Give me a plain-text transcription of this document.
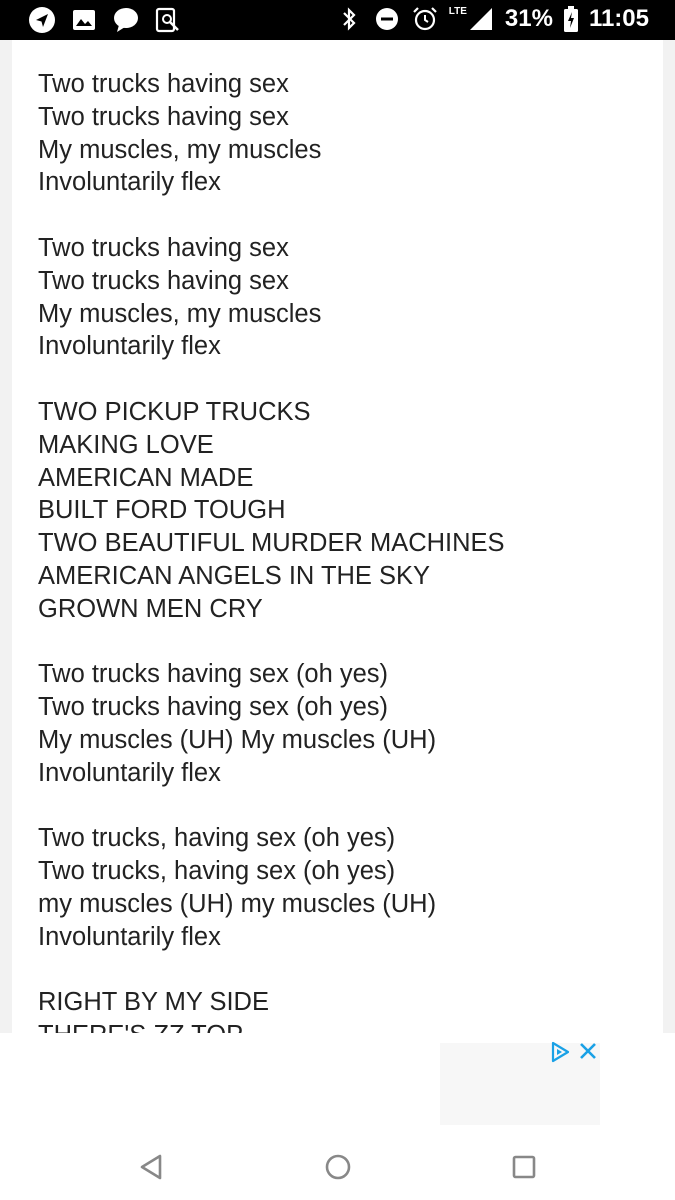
LTE 31% 11:05
Two trucks having sex
Two trucks having sex
My muscles, my muscles
Involuntarily flex
Two trucks having sex
Two trucks having sex
My muscles, my muscles
Involuntarily flex
TWO PICKUP TRUCKS
MAKING LOVE
AMERICAN MADE
BUILT FORD TOUGH
TWO BEAUTIFUL MURDER MACHINES
AMERICAN ANGELS IN THE SKY
GROWN MEN CRY
Two trucks having sex (oh yes)
Two trucks having sex (oh yes)
My muscles (UH) My muscles (UH)
Involuntarily flex
Two trucks, having sex (oh yes)
Two trucks, having sex (oh yes)
my muscles (UH) my muscles (UH)
Involuntarily flex
RIGHT BY MY SIDE
